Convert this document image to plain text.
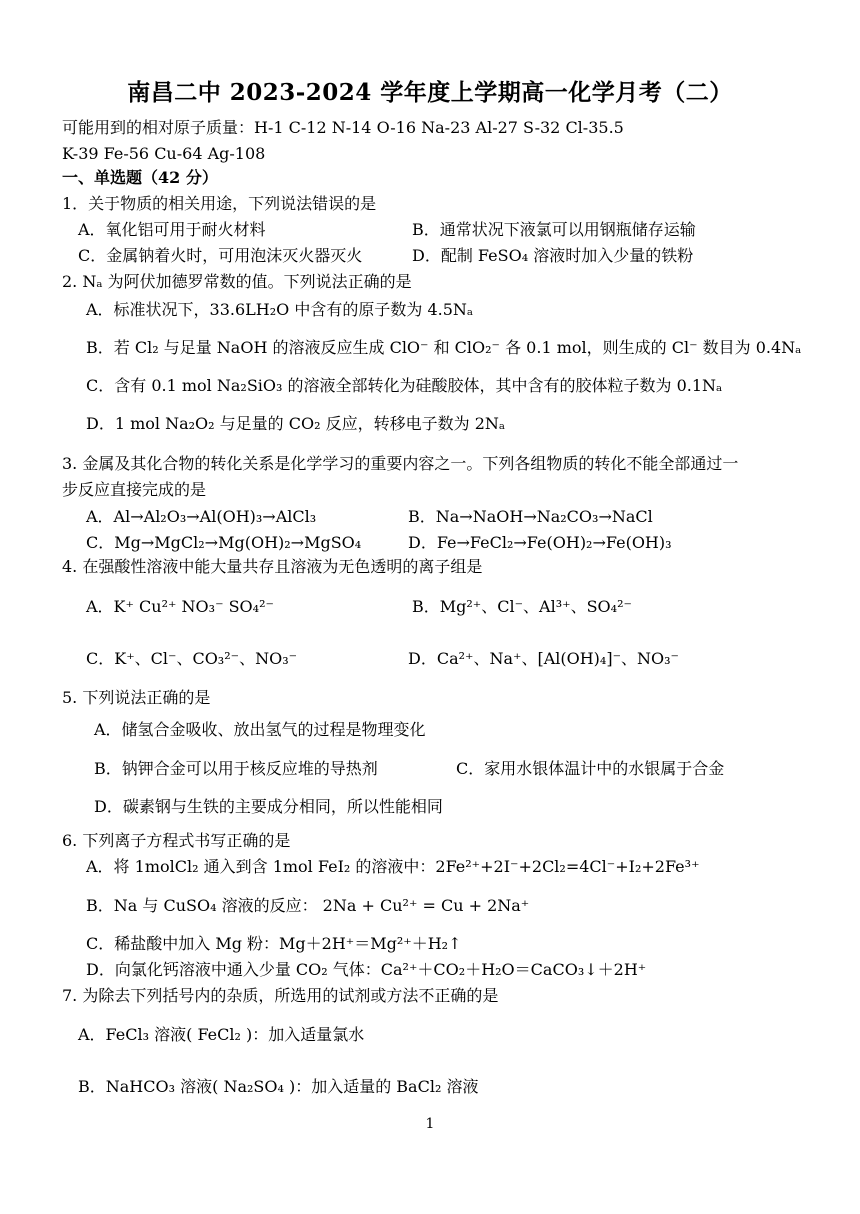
南昌二中 2023-2024 学年度上学期高一化学月考（二）
可能用到的相对原子质量：H-1 C-12 N-14 O-16 Na-23 Al-27 S-32 Cl-35.5
K-39 Fe-56 Cu-64 Ag-108
一、单选题（42 分）
1．关于物质的相关用途，下列说法错误的是
A．氧化铝可用于耐火材料	B．通常状况下液氯可以用钢瓶储存运输
C．金属钠着火时，可用泡沫灭火器灭火	D．配制 FeSO₄ 溶液时加入少量的铁粉
2. Nₐ 为阿伏加德罗常数的值。下列说法正确的是
A．标准状况下，33.6LH₂O 中含有的原子数为 4.5Nₐ
B．若 Cl₂ 与足量 NaOH 的溶液反应生成 ClO⁻ 和 ClO₂⁻ 各 0.1 mol，则生成的 Cl⁻ 数目为 0.4Nₐ
C．含有 0.1 mol Na₂SiO₃ 的溶液全部转化为硅酸胶体，其中含有的胶体粒子数为 0.1Nₐ
D．1 mol Na₂O₂ 与足量的 CO₂ 反应，转移电子数为 2Nₐ
3. 金属及其化合物的转化关系是化学学习的重要内容之一。下列各组物质的转化不能全部通过一
步反应直接完成的是
A．Al→Al₂O₃→Al(OH)₃→AlCl₃	B．Na→NaOH→Na₂CO₃→NaCl
C．Mg→MgCl₂→Mg(OH)₂→MgSO₄	D．Fe→FeCl₂→Fe(OH)₂→Fe(OH)₃
4. 在强酸性溶液中能大量共存且溶液为无色透明的离子组是
A．K⁺ Cu²⁺ NO₃⁻ SO₄²⁻	B．Mg²⁺、Cl⁻、Al³⁺、SO₄²⁻
C．K⁺、Cl⁻、CO₃²⁻、NO₃⁻	D．Ca²⁺、Na⁺、[Al(OH)₄]⁻、NO₃⁻
5. 下列说法正确的是
A．储氢合金吸收、放出氢气的过程是物理变化
B．钠钾合金可以用于核反应堆的导热剂	C．家用水银体温计中的水银属于合金
D．碳素钢与生铁的主要成分相同，所以性能相同
6. 下列离子方程式书写正确的是
A．将 1molCl₂ 通入到含 1mol FeI₂ 的溶液中：2Fe²⁺+2I⁻+2Cl₂=4Cl⁻+I₂+2Fe³⁺
B．Na 与 CuSO₄ 溶液的反应： 2Na + Cu²⁺ = Cu + 2Na⁺
C．稀盐酸中加入 Mg 粉：Mg＋2H⁺＝Mg²⁺＋H₂↑
D．向氯化钙溶液中通入少量 CO₂ 气体：Ca²⁺＋CO₂＋H₂O＝CaCO₃↓＋2H⁺
7. 为除去下列括号内的杂质，所选用的试剂或方法不正确的是
A．FeCl₃ 溶液( FeCl₂ )：加入适量氯水
B．NaHCO₃ 溶液( Na₂SO₄ )：加入适量的 BaCl₂ 溶液
1
